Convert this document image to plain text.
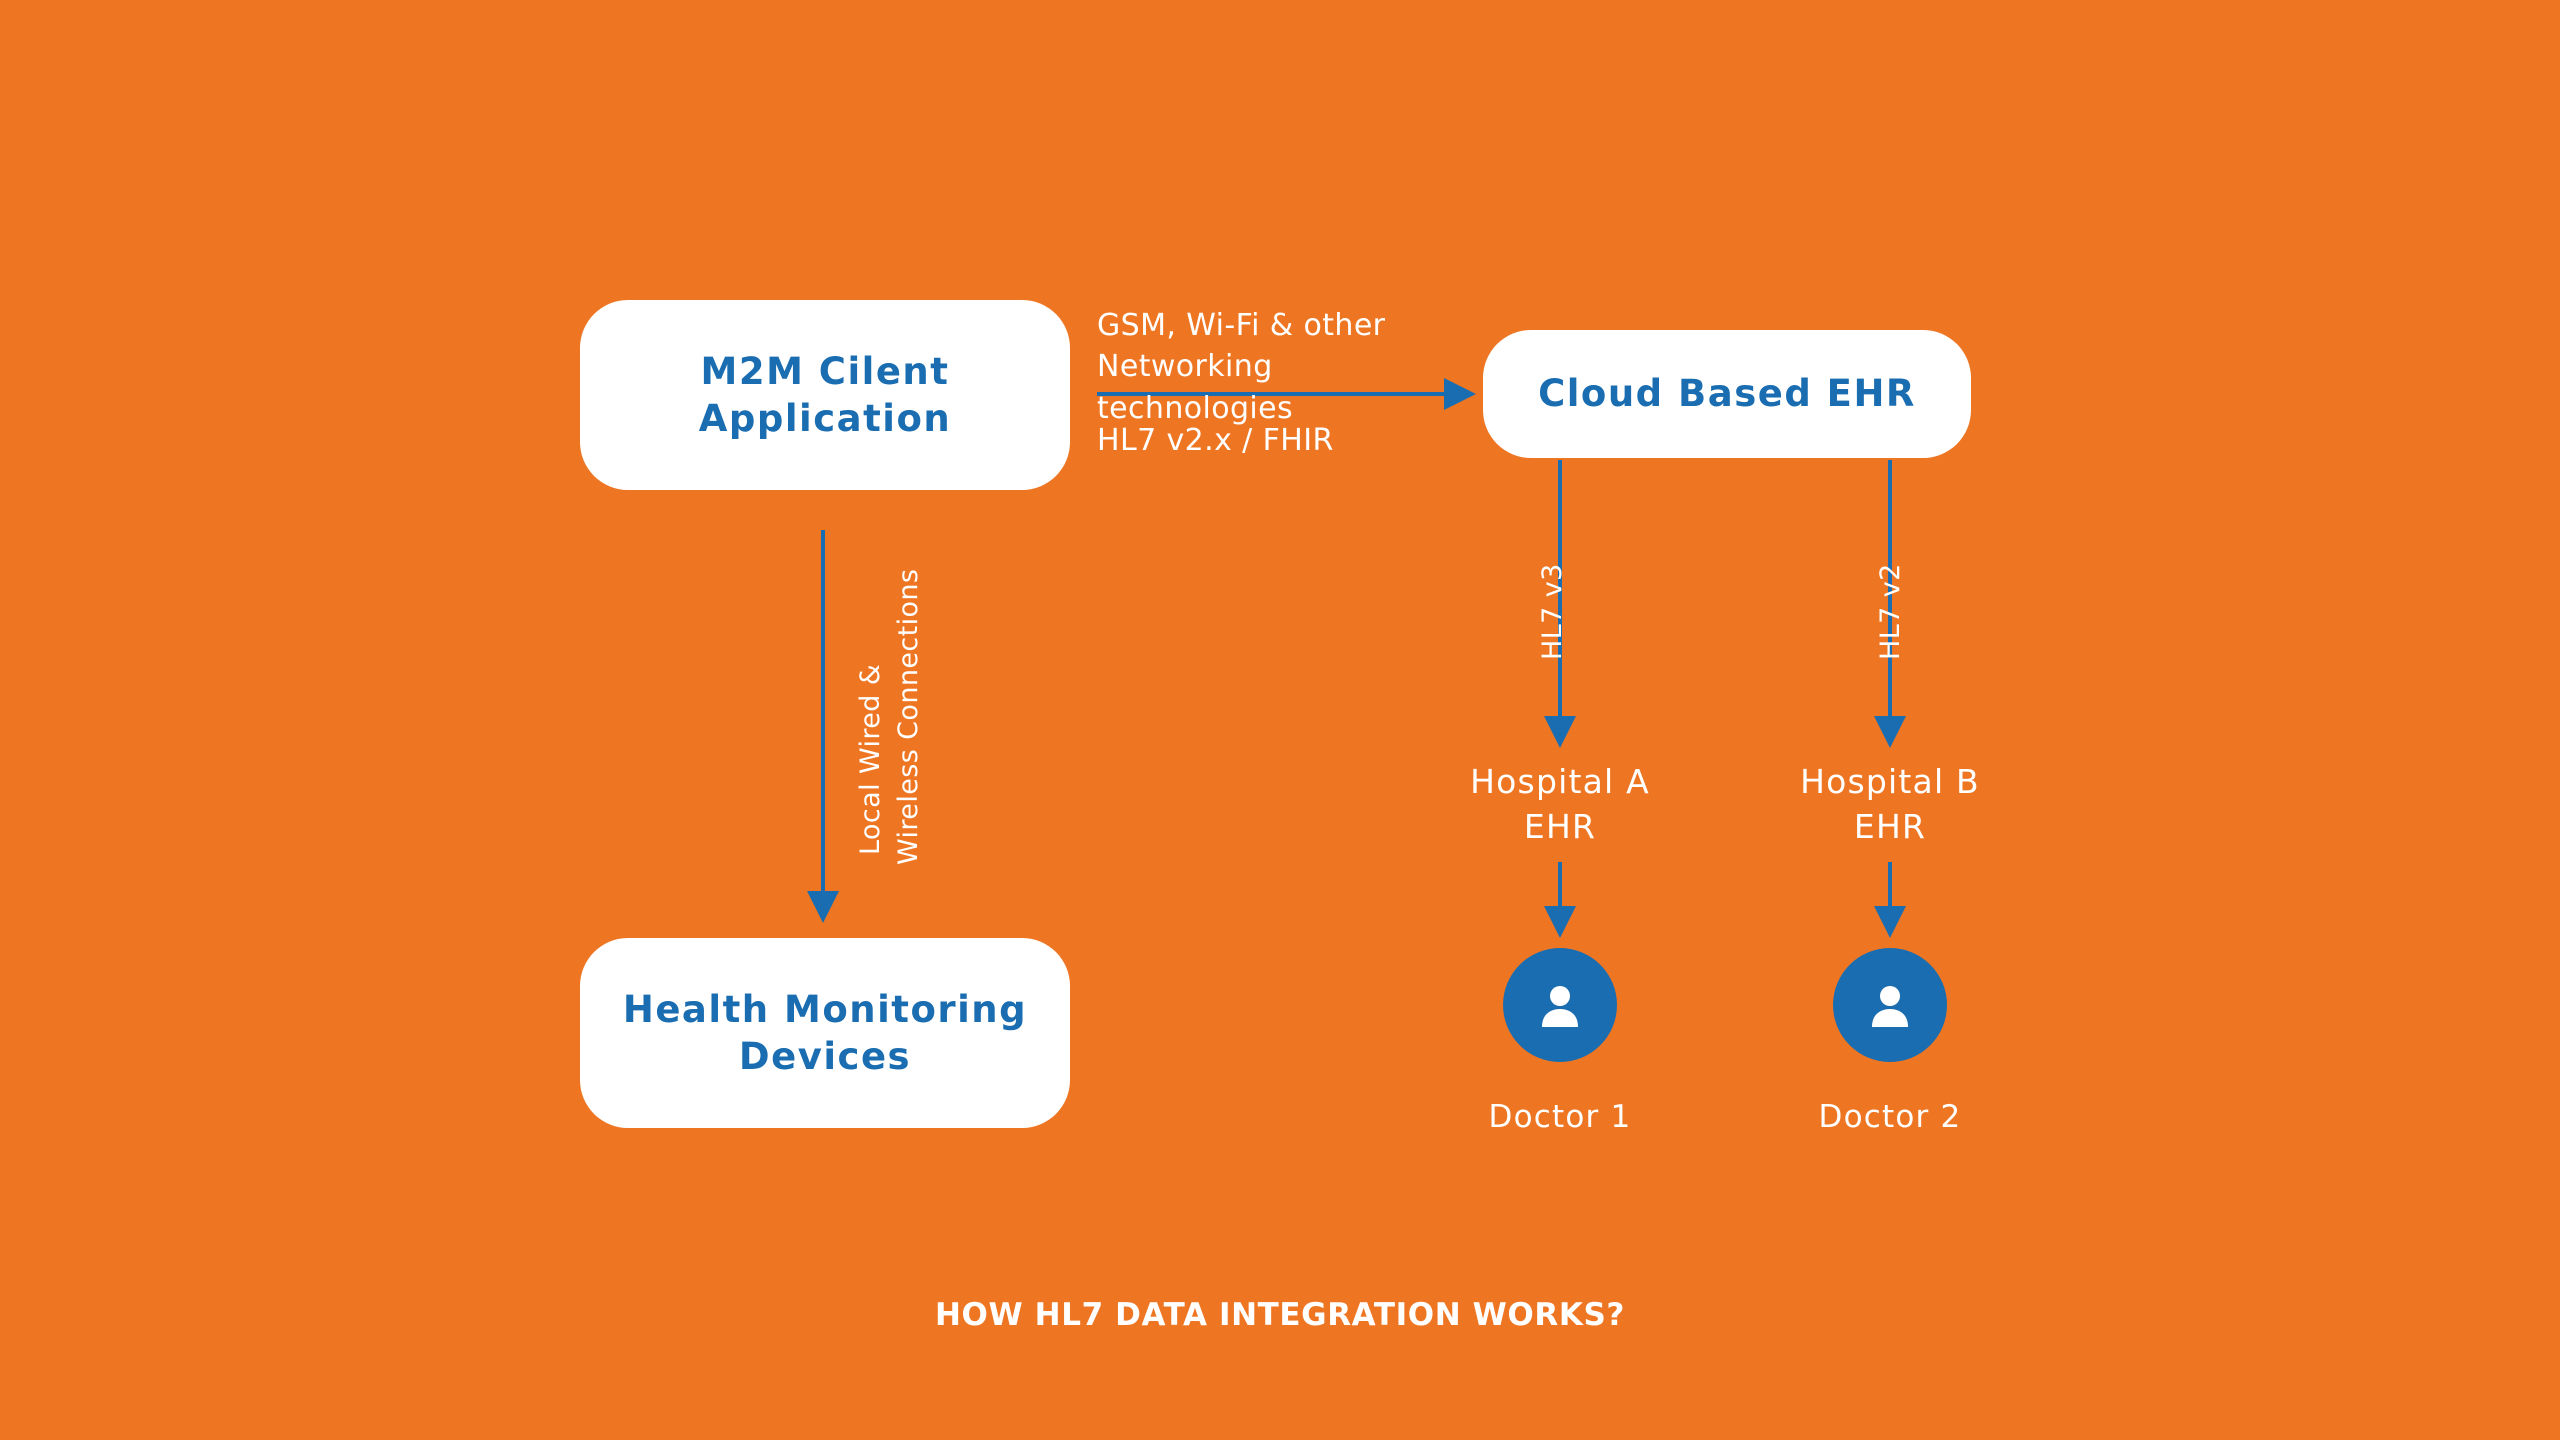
M2M Cilent
Application
Cloud Based EHR
Health Monitoring
Devices
GSM, Wi-Fi & other
Networking technologies
HL7 v2.x / FHIR
Local Wired & Wireless Connections	HL7 v3	HL7 v2
Hospital A
EHR
Hospital B
EHR
Doctor 1	Doctor 2
HOW HL7 DATA INTEGRATION WORKS?
